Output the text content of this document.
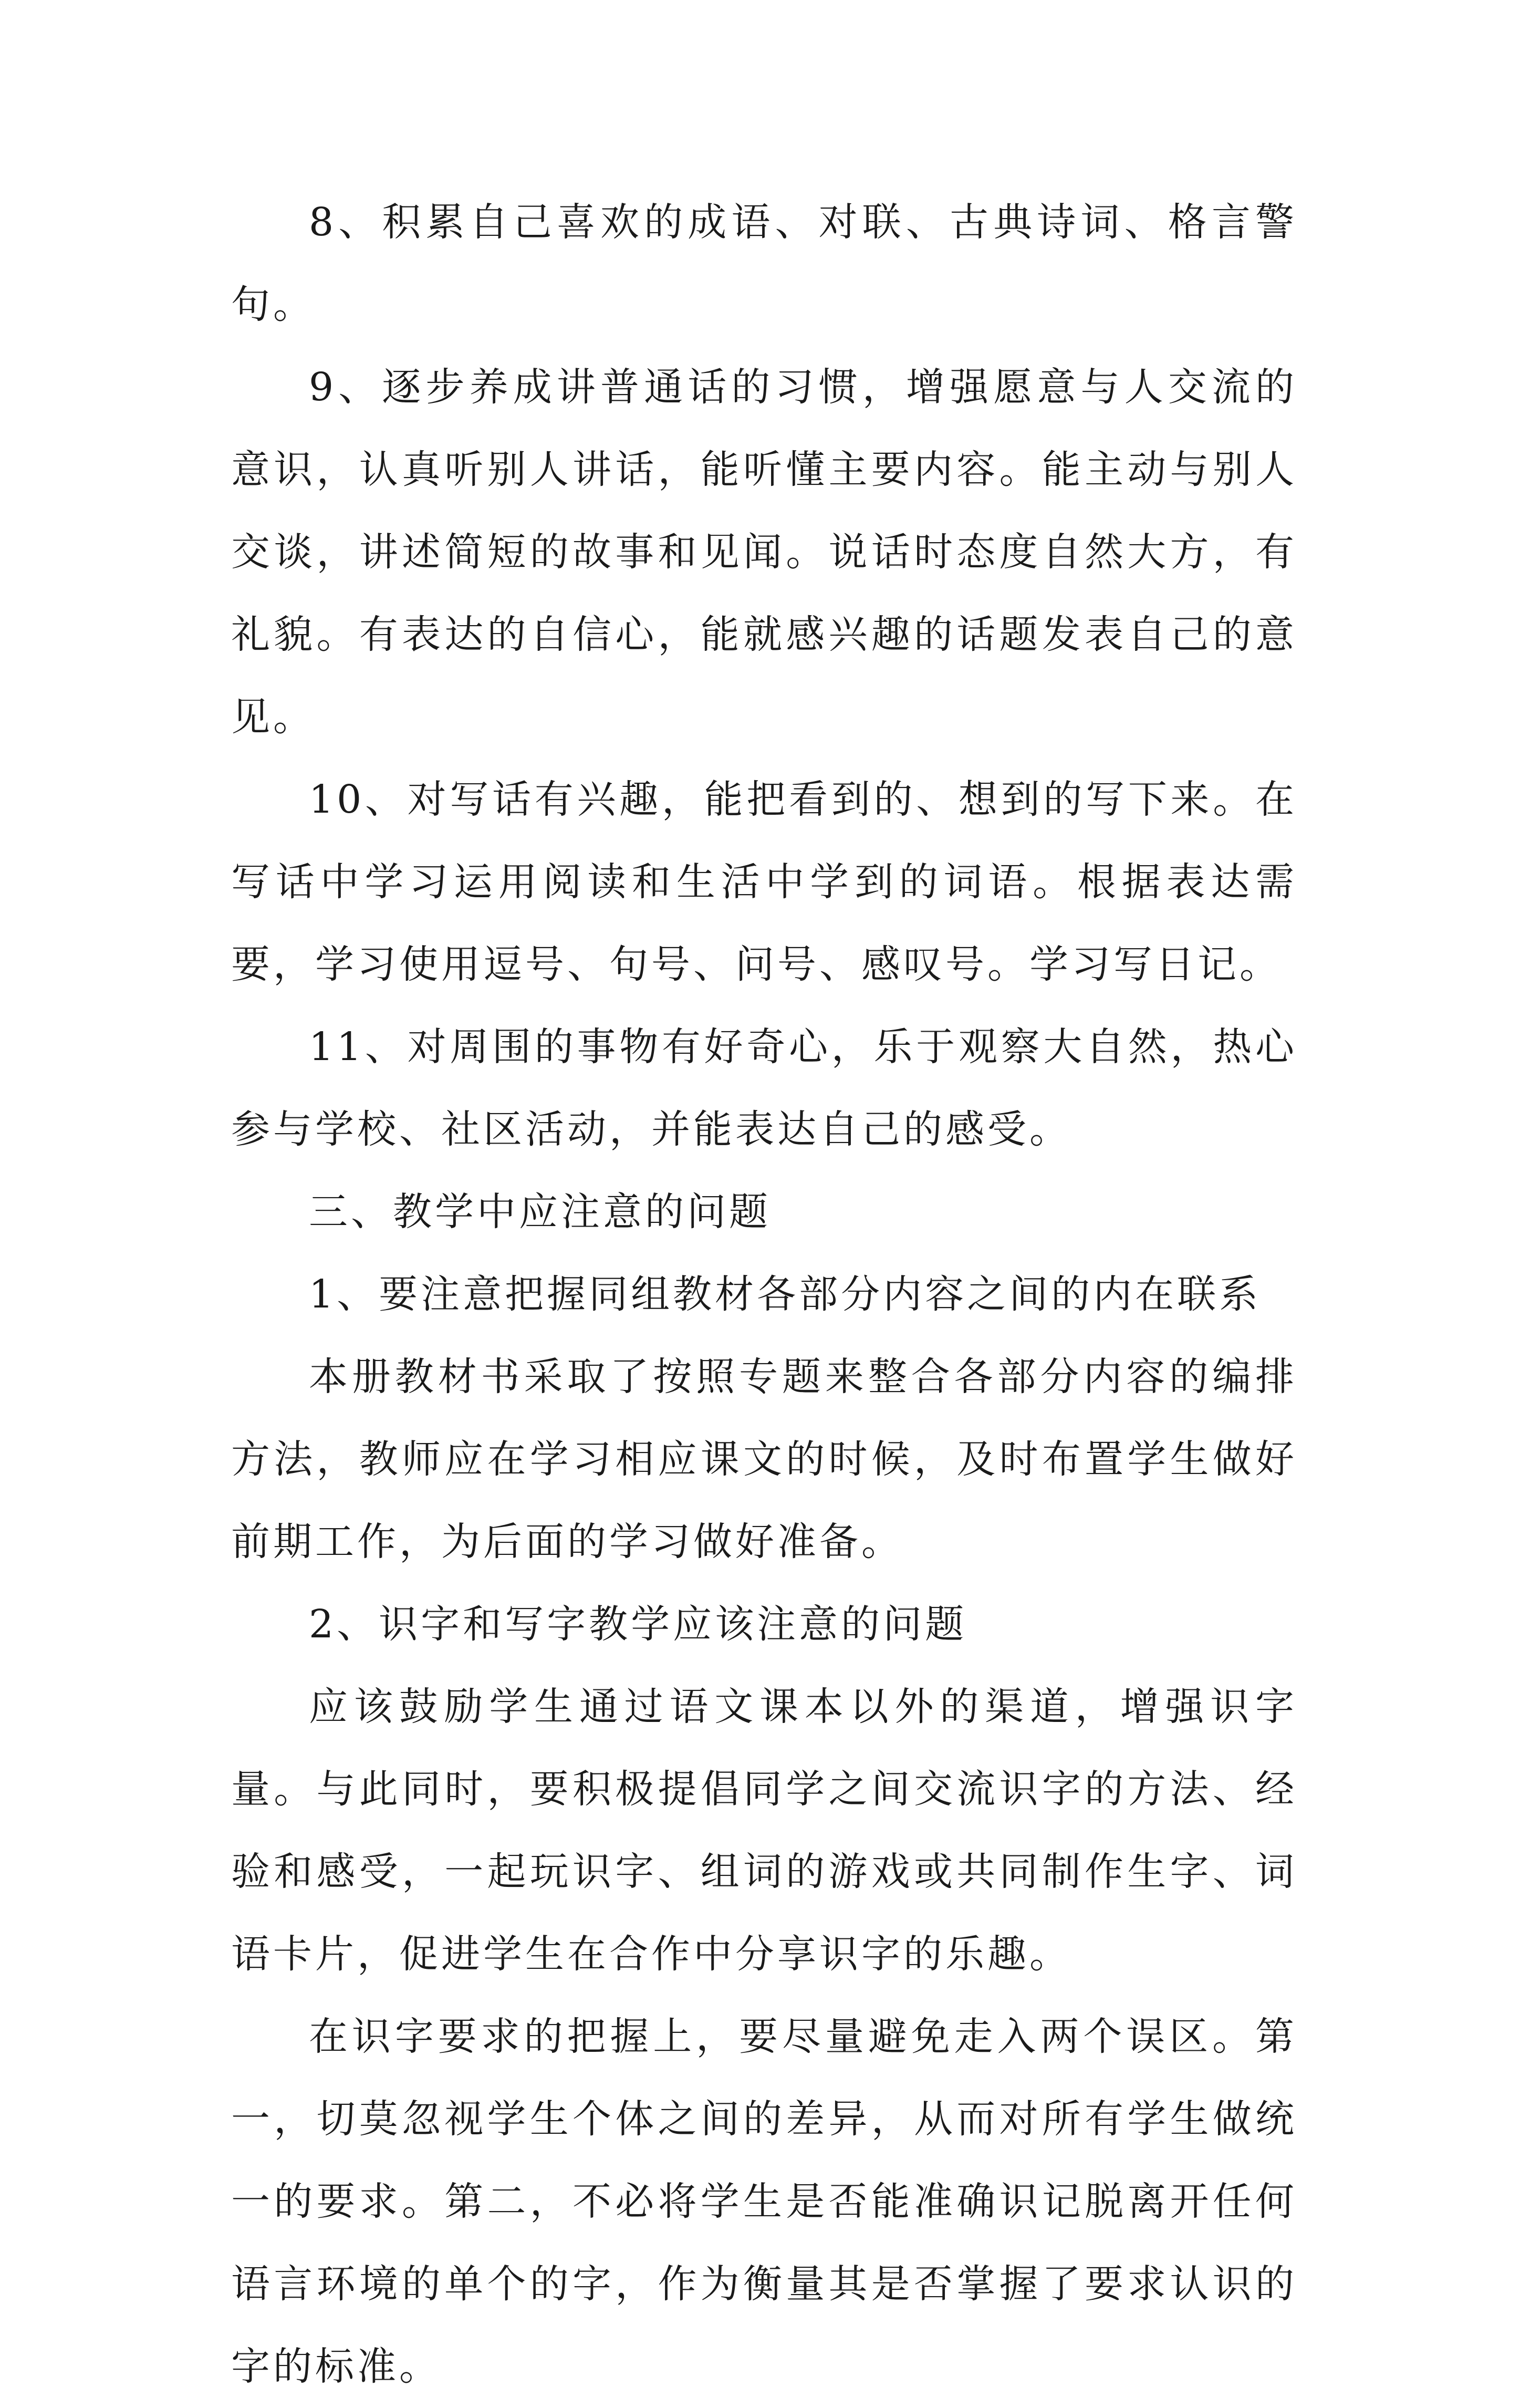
8、积累自己喜欢的成语、对联、古典诗词、格言警句。

9、逐步养成讲普通话的习惯，增强愿意与人交流的意识，认真听别人讲话，能听懂主要内容。能主动与别人交谈，讲述简短的故事和见闻。说话时态度自然大方，有礼貌。有表达的自信心，能就感兴趣的话题发表自己的意见。

10、对写话有兴趣，能把看到的、想到的写下来。在写话中学习运用阅读和生活中学到的词语。根据表达需要，学习使用逗号、句号、问号、感叹号。学习写日记。

11、对周围的事物有好奇心，乐于观察大自然，热心参与学校、社区活动，并能表达自己的感受。

三、教学中应注意的问题

1、要注意把握同组教材各部分内容之间的内在联系

本册教材书采取了按照专题来整合各部分内容的编排方法，教师应在学习相应课文的时候，及时布置学生做好前期工作，为后面的学习做好准备。

2、识字和写字教学应该注意的问题

应该鼓励学生通过语文课本以外的渠道，增强识字量。与此同时，要积极提倡同学之间交流识字的方法、经验和感受，一起玩识字、组词的游戏或共同制作生字、词语卡片，促进学生在合作中分享识字的乐趣。

在识字要求的把握上，要尽量避免走入两个误区。第一，切莫忽视学生个体之间的差异，从而对所有学生做统一的要求。第二，不必将学生是否能准确识记脱离开任何语言环境的单个的字，作为衡量其是否掌握了要求认识的字的标准。
